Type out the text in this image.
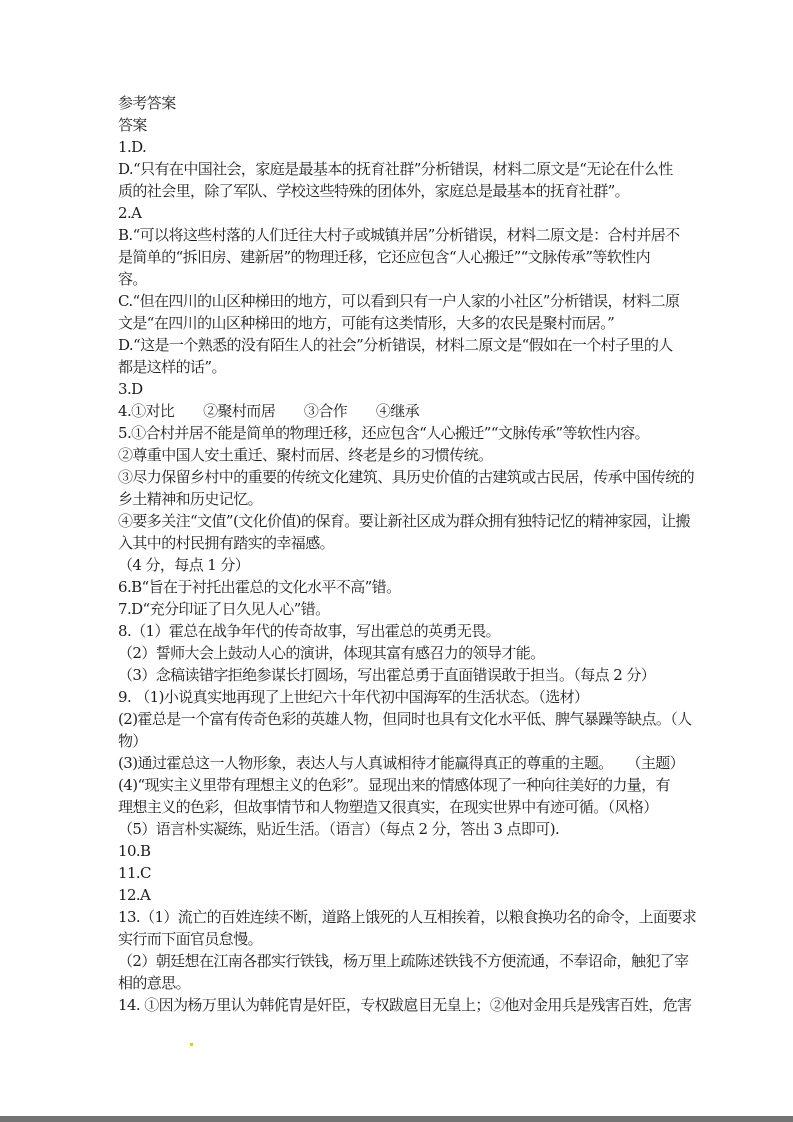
参考答案
答案
1.D.
D.“只有在中国社会，家庭是最基本的抚育社群”分析错误，材料二原文是“无论在什么性
质的社会里，除了军队、学校这些特殊的团体外，家庭总是最基本的抚育社群”。
2.A
B.“可以将这些村落的人们迁往大村子或城镇并居”分析错误，材料二原文是：合村并居不
是简单的“拆旧房、建新居”的物理迁移，它还应包含“人心搬迁”“文脉传承”等软性内
容。
C.“但在四川的山区种梯田的地方，可以看到只有一户人家的小社区”分析错误，材料二原
文是“在四川的山区种梯田的地方，可能有这类情形，大多的农民是聚村而居。”
D.“这是一个熟悉的没有陌生人的社会”分析错误，材料二原文是“假如在一个村子里的人
都是这样的话”。
3.D
4.①对比　　②聚村而居　　③合作　　④继承
5.①合村并居不能是简单的物理迁移，还应包含“人心搬迁”“文脉传承”等软性内容。
②尊重中国人安土重迁、聚村而居、终老是乡的习惯传统。
③尽力保留乡村中的重要的传统文化建筑、具历史价值的古建筑或古民居，传承中国传统的
乡土精神和历史记忆。
④要多关注“文值”(文化价值)的保育。要让新社区成为群众拥有独特记忆的精神家园，让搬
入其中的村民拥有踏实的幸福感。
（4 分，每点 1 分）
6.B“旨在于衬托出霍总的文化水平不高”错。
7.D“充分印证了日久见人心”错。
8.（1）霍总在战争年代的传奇故事，写出霍总的英勇无畏。
（2）誓师大会上鼓动人心的演讲，体现其富有感召力的领导才能。
（3）念稿读错字拒绝参谋长打圆场，写出霍总勇于直面错误敢于担当。（每点 2 分）
9. （1)小说真实地再现了上世纪六十年代初中国海军的生活状态。（选材）
(2)霍总是一个富有传奇色彩的英雄人物，但同时也具有文化水平低、脾气暴躁等缺点。（人
物）
(3)通过霍总这一人物形象，表达人与人真诚相待才能赢得真正的尊重的主题。　　（主题）
(4)“现实主义里带有理想主义的色彩”。显现出来的情感体现了一种向往美好的力量，有
理想主义的色彩，但故事情节和人物塑造又很真实，在现实世界中有迹可循。（风格）
（5）语言朴实凝练，贴近生活。（语言）（每点 2 分，答出 3 点即可).
10.B
11.C
12.A
13.（1）流亡的百姓连续不断，道路上饿死的人互相挨着，以粮食换功名的命令，上面要求
实行而下面官员怠慢。
（2）朝廷想在江南各郡实行铁钱，杨万里上疏陈述铁钱不方便流通，不奉诏命，触犯了宰
相的意思。
14. ①因为杨万里认为韩侂胄是奸臣，专权跋扈目无皇上；②他对金用兵是残害百姓，危害
